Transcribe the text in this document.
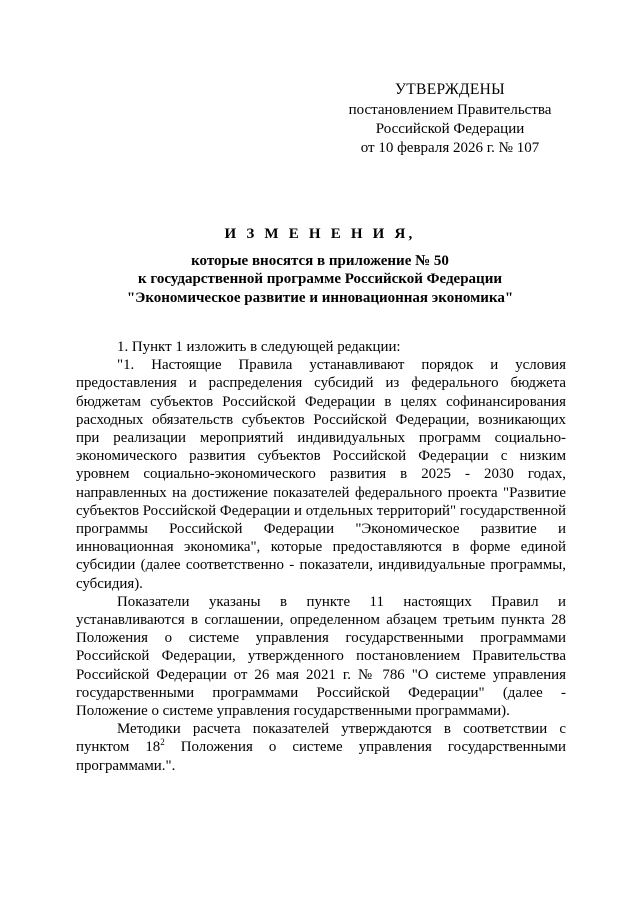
УТВЕРЖДЕНЫ
постановлением Правительства
Российской Федерации
от 10 февраля 2026 г. № 107
И З М Е Н Е Н И Я,
которые вносятся в приложение № 50
к государственной программе Российской Федерации
"Экономическое развитие и инновационная экономика"

1. Пункт 1 изложить в следующей редакции:

"1. Настоящие Правила устанавливают порядок и условия предоставления и распределения субсидий из федерального бюджета бюджетам субъектов Российской Федерации в целях софинансирования расходных обязательств субъектов Российской Федерации, возникающих при реализации мероприятий индивидуальных программ социально-экономического развития субъектов Российской Федерации с низким уровнем социально-экономического развития в 2025 - 2030 годах, направленных на достижение показателей федерального проекта "Развитие субъектов Российской Федерации и отдельных территорий" государственной программы Российской Федерации "Экономическое развитие и инновационная экономика", которые предоставляются в форме единой субсидии (далее соответственно - показатели, индивидуальные программы, субсидия).

Показатели указаны в пункте 11 настоящих Правил и устанавливаются в соглашении, определенном абзацем третьим пункта 28 Положения о системе управления государственными программами Российской Федерации, утвержденного постановлением Правительства Российской Федерации от 26 мая 2021 г. № 786 "О системе управления государственными программами Российской Федерации" (далее - Положение о системе управления государственными программами).

Методики расчета показателей утверждаются в соответствии с пунктом $18^2$ Положения о системе управления государственными программами.".
